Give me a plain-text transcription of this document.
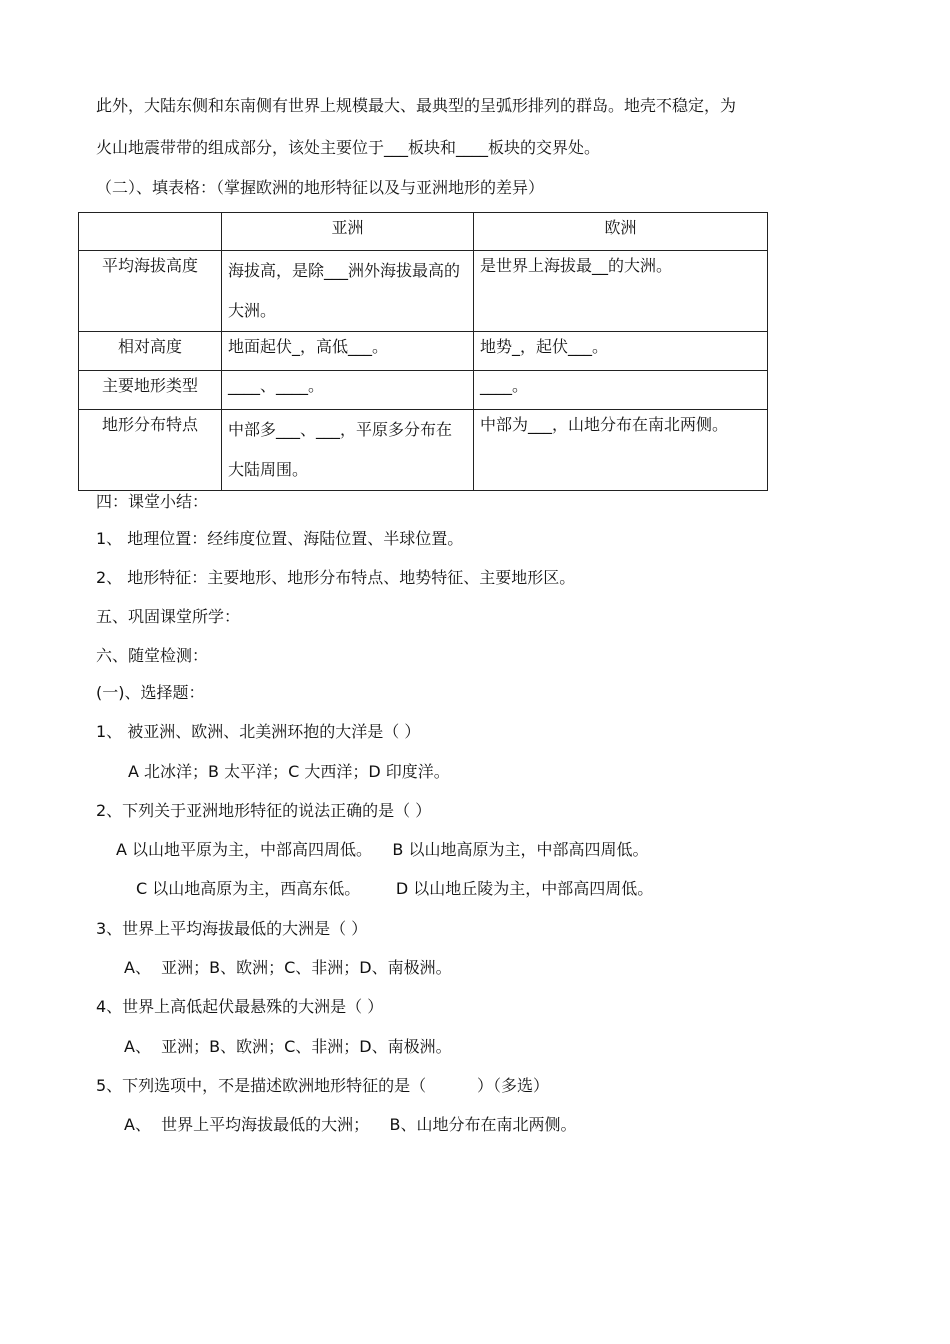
此外，大陆东侧和东南侧有世界上规模最大、最典型的呈弧形排列的群岛。地壳不稳定，为
火山地震带带的组成部分，该处主要位于___板块和____板块的交界处。
（二）、填表格：（掌握欧洲的地形特征以及与亚洲地形的差异）
	亚洲	欧洲
平均海拔高度	海拔高，是除___洲外海拔最高的大洲。	是世界上海拔最__的大洲。
相对高度	地面起伏_，高低___。	地势_，起伏___。
主要地形类型	____、____。	____。
地形分布特点	中部多___、___，平原多分布在大陆周围。	中部为___，山地分布在南北两侧。
四：课堂小结：
1、 地理位置：经纬度位置、海陆位置、半球位置。
2、 地形特征：主要地形、地形分布特点、地势特征、主要地形区。
五、巩固课堂所学：
六、随堂检测：
(一)、选择题：
1、 被亚洲、欧洲、北美洲环抱的大洋是（ ）
A 北冰洋；B 太平洋；C 大西洋；D 印度洋。
2、下列关于亚洲地形特征的说法正确的是（ ）
A 以山地平原为主，中部高四周低。    B 以山地高原为主，中部高四周低。
C 以山地高原为主，西高东低。       D 以山地丘陵为主，中部高四周低。
3、世界上平均海拔最低的大洲是（ ）
A、  亚洲；B、欧洲；C、非洲；D、南极洲。
4、世界上高低起伏最悬殊的大洲是（ ）
A、  亚洲；B、欧洲；C、非洲；D、南极洲。
5、下列选项中，不是描述欧洲地形特征的是（          ）（多选）
A、  世界上平均海拔最低的大洲；    B、山地分布在南北两侧。
